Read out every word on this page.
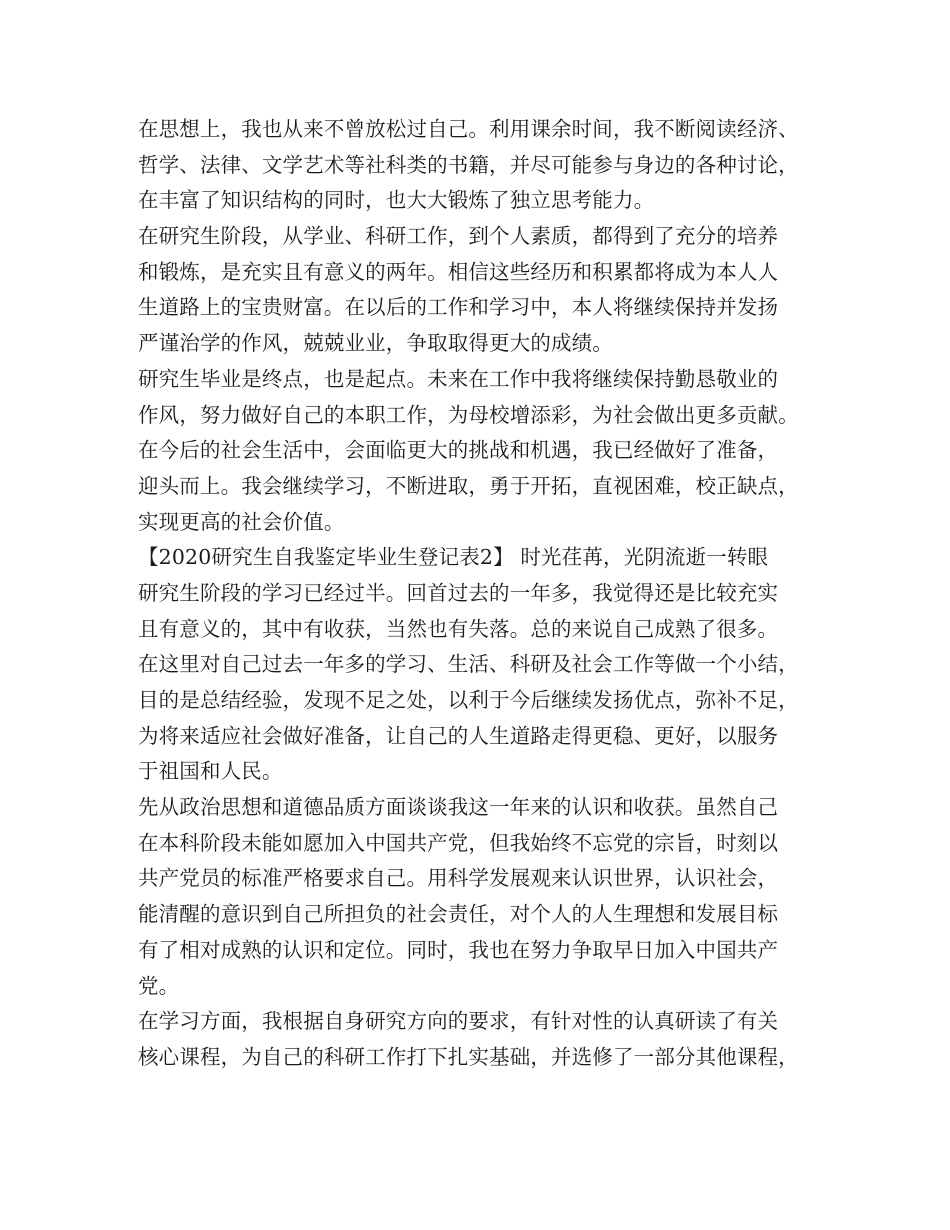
在思想上，我也从来不曾放松过自己。利用课余时间，我不断阅读经济、
哲学、法律、文学艺术等社科类的书籍，并尽可能参与身边的各种讨论，
在丰富了知识结构的同时，也大大锻炼了独立思考能力。
在研究生阶段，从学业、科研工作，到个人素质，都得到了充分的培养
和锻炼，是充实且有意义的两年。相信这些经历和积累都将成为本人人
生道路上的宝贵财富。在以后的工作和学习中，本人将继续保持并发扬
严谨治学的作风，兢兢业业，争取取得更大的成绩。
研究生毕业是终点，也是起点。未来在工作中我将继续保持勤恳敬业的
作风，努力做好自己的本职工作，为母校增添彩，为社会做出更多贡献。
在今后的社会生活中，会面临更大的挑战和机遇，我已经做好了准备，
迎头而上。我会继续学习，不断进取，勇于开拓，直视困难，校正缺点，
实现更高的社会价值。
【2020研究生自我鉴定毕业生登记表2】 时光荏苒，光阴流逝一转眼
研究生阶段的学习已经过半。回首过去的一年多，我觉得还是比较充实
且有意义的，其中有收获，当然也有失落。总的来说自己成熟了很多。
在这里对自己过去一年多的学习、生活、科研及社会工作等做一个小结，
目的是总结经验，发现不足之处，以利于今后继续发扬优点，弥补不足，
为将来适应社会做好准备，让自己的人生道路走得更稳、更好，以服务
于祖国和人民。
先从政治思想和道德品质方面谈谈我这一年来的认识和收获。虽然自己
在本科阶段未能如愿加入中国共产党，但我始终不忘党的宗旨，时刻以
共产党员的标准严格要求自己。用科学发展观来认识世界，认识社会，
能清醒的意识到自己所担负的社会责任，对个人的人生理想和发展目标
有了相对成熟的认识和定位。同时，我也在努力争取早日加入中国共产
党。
在学习方面，我根据自身研究方向的要求，有针对性的认真研读了有关
核心课程，为自己的科研工作打下扎实基础，并选修了一部分其他课程，
